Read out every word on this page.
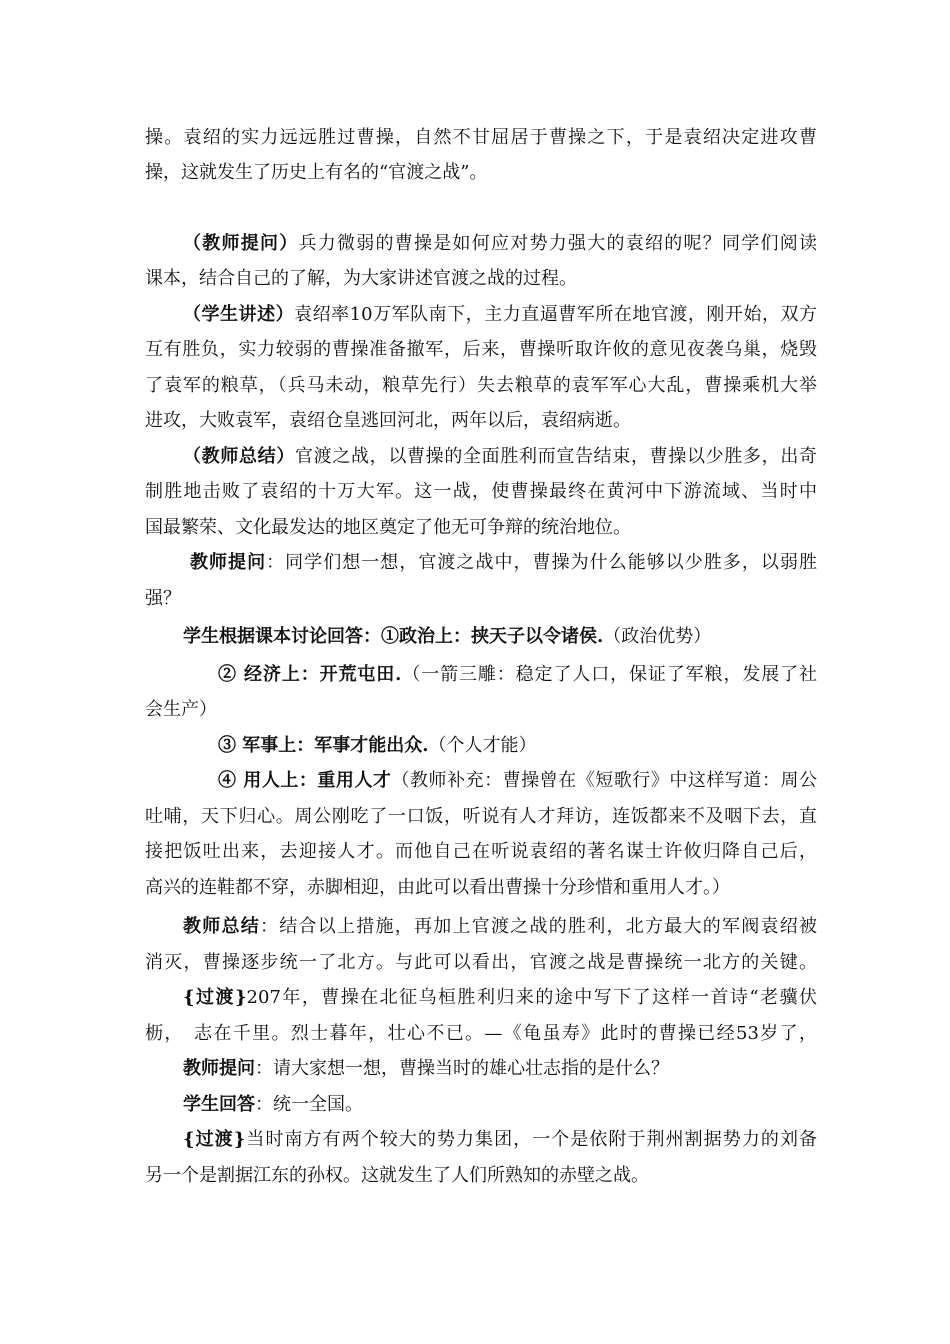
操。袁绍的实力远远胜过曹操，自然不甘屈居于曹操之下，于是袁绍决定进攻曹
操，这就发生了历史上有名的“官渡之战”。
（教师提问）兵力微弱的曹操是如何应对势力强大的袁绍的呢？同学们阅读
课本，结合自己的了解，为大家讲述官渡之战的过程。
（学生讲述）袁绍率10万军队南下，主力直逼曹军所在地官渡，刚开始，双方
互有胜负，实力较弱的曹操准备撤军，后来，曹操听取许攸的意见夜袭乌巢，烧毁
了袁军的粮草，（兵马未动，粮草先行）失去粮草的袁军军心大乱，曹操乘机大举
进攻，大败袁军，袁绍仓皇逃回河北，两年以后，袁绍病逝。
（教师总结）官渡之战，以曹操的全面胜利而宣告结束，曹操以少胜多，出奇
制胜地击败了袁绍的十万大军。这一战，使曹操最终在黄河中下游流域、当时中
国最繁荣、文化最发达的地区奠定了他无可争辩的统治地位。
教师提问：同学们想一想，官渡之战中，曹操为什么能够以少胜多，以弱胜
强？
学生根据课本讨论回答：①政治上：挟天子以令诸侯.（政治优势）
② 经济上：开荒屯田.（一箭三雕：稳定了人口，保证了军粮，发展了社
会生产）
③ 军事上：军事才能出众.（个人才能）
④ 用人上：重用人才（教师补充：曹操曾在《短歌行》中这样写道：周公
吐哺，天下归心。周公刚吃了一口饭，听说有人才拜访，连饭都来不及咽下去，直
接把饭吐出来，去迎接人才。而他自己在听说袁绍的著名谋士许攸归降自己后，
高兴的连鞋都不穿，赤脚相迎，由此可以看出曹操十分珍惜和重用人才。）
教师总结：结合以上措施，再加上官渡之战的胜利，北方最大的军阀袁绍被
消灭，曹操逐步统一了北方。与此可以看出，官渡之战是曹操统一北方的关键。
{过渡}207年，曹操在北征乌桓胜利归来的途中写下了这样一首诗“老骥伏
枥，　志在千里。烈士暮年，壮心不已。—《龟虽寿》此时的曹操已经53岁了，
教师提问：请大家想一想，曹操当时的雄心壮志指的是什么？
学生回答：统一全国。
{过渡}当时南方有两个较大的势力集团，一个是依附于荆州割据势力的刘备
另一个是割据江东的孙权。这就发生了人们所熟知的赤壁之战。
